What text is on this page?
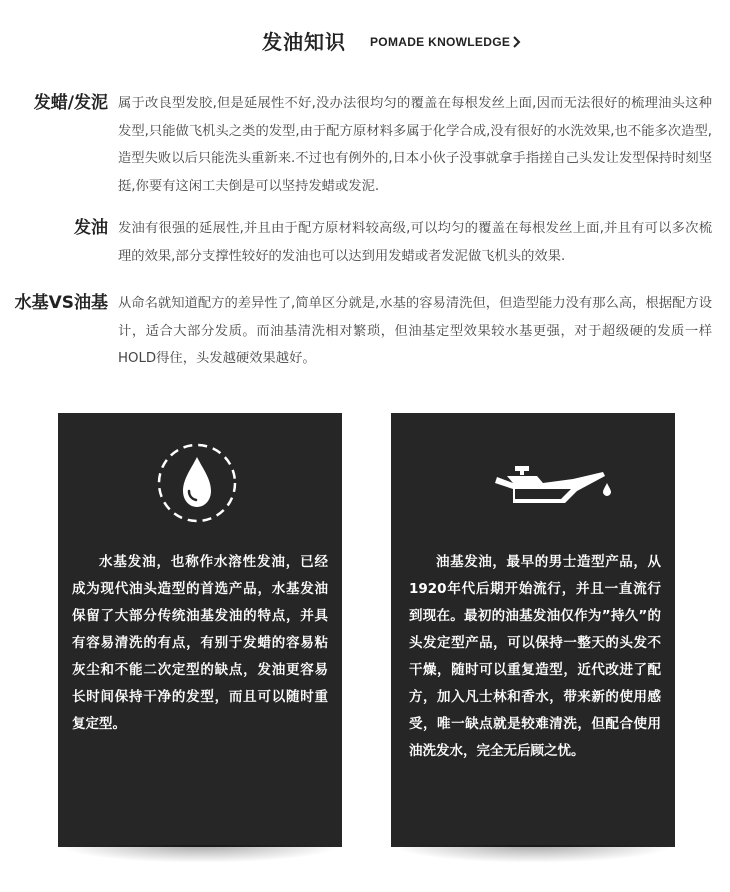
发油知识 POMADE KNOWLEDGE
发蜡/发泥 属于改良型发胶,但是延展性不好,没办法很均匀的覆盖在每根发丝上面,因而无法很好的梳理油头这种发型,只能做飞机头之类的发型,由于配方原材料多属于化学合成,没有很好的水洗效果,也不能多次造型,造型失败以后只能洗头重新来.不过也有例外的,日本小伙子没事就拿手指搓自己头发让发型保持时刻坚挺,你要有这闲工夫倒是可以坚持发蜡或发泥.
发油 发油有很强的延展性,并且由于配方原材料较高级,可以均匀的覆盖在每根发丝上面,并且有可以多次梳理的效果,部分支撑性较好的发油也可以达到用发蜡或者发泥做飞机头的效果.
水基VS油基 从命名就知道配方的差异性了,简单区分就是,水基的容易清洗但，但造型能力没有那么高，根据配方设计，适合大部分发质。而油基清洗相对繁琐，但油基定型效果较水基更强，对于超级硬的发质一样HOLD得住，头发越硬效果越好。
水基发油，也称作水溶性发油，已经成为现代油头造型的首选产品，水基发油保留了大部分传统油基发油的特点，并具有容易清洗的有点，有别于发蜡的容易粘灰尘和不能二次定型的缺点，发油更容易长时间保持干净的发型，而且可以随时重复定型。
油基发油，最早的男士造型产品，从1920年代后期开始流行，并且一直流行到现在。最初的油基发油仅作为”持久”的头发定型产品，可以保持一整天的头发不干燥，随时可以重复造型，近代改进了配方，加入凡士林和香水，带来新的使用感受，唯一缺点就是较难清洗，但配合使用油洗发水，完全无后顾之忧。
